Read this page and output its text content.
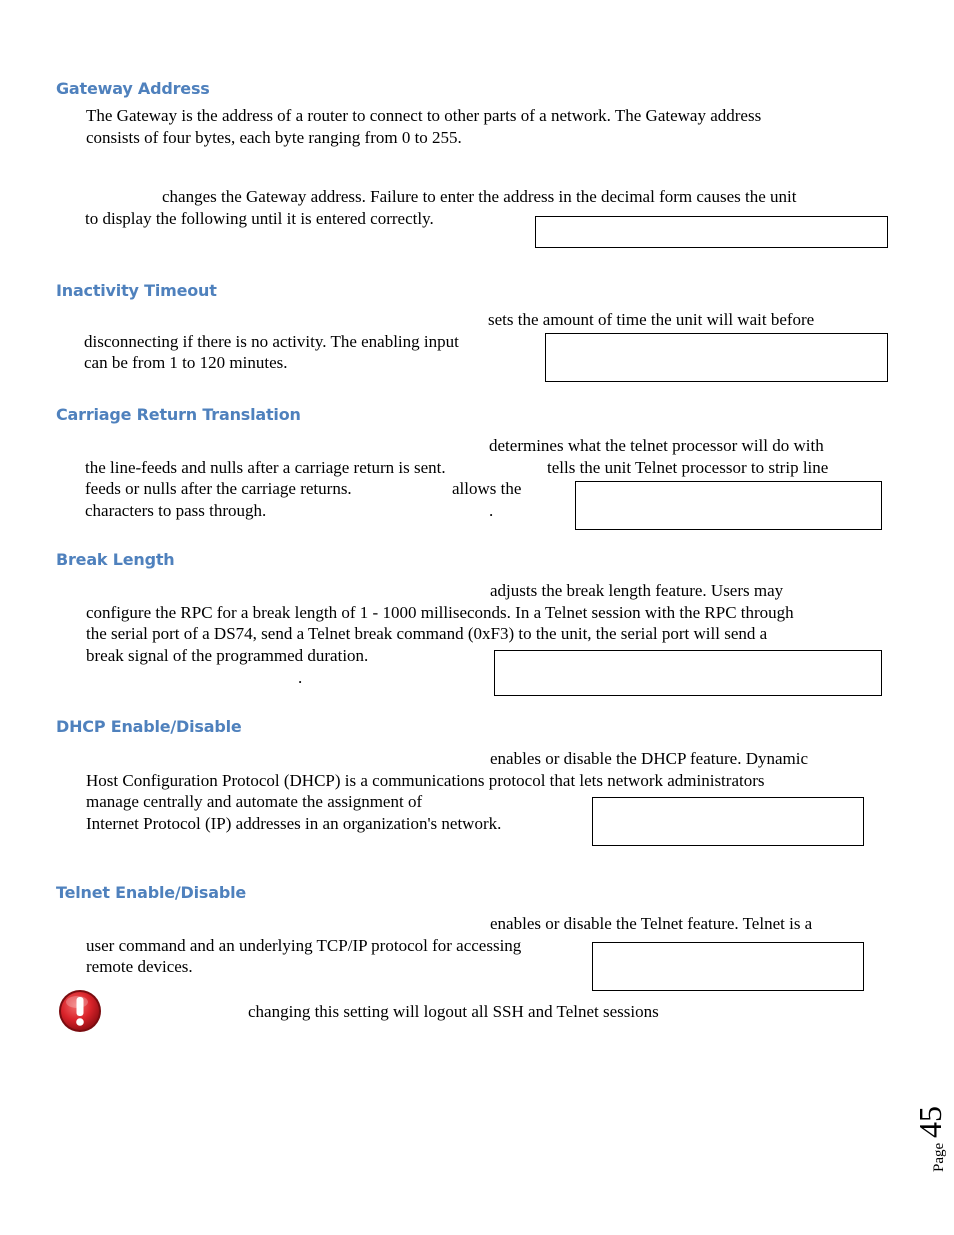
Gateway Address
The Gateway is the address of a router to connect to other parts of a network. The Gateway address
consists of four bytes, each byte ranging from 0 to 255.
changes the Gateway address. Failure to enter the address in the decimal form causes the unit
to display the following until it is entered correctly.
Inactivity Timeout
sets the amount of time the unit will wait before
disconnecting if there is no activity. The enabling input
can be from 1 to 120 minutes.
Carriage Return Translation
determines what the telnet processor will do with
the line-feeds and nulls after a carriage return is sent.	tells the unit Telnet processor to strip line
feeds or nulls after the carriage returns.	allows the
characters to pass through.	.
Break Length
adjusts the break length feature. Users may
configure the RPC for a break length of 1 - 1000 milliseconds. In a Telnet session with the RPC through
the serial port of a DS74, send a Telnet break command (0xF3) to the unit, the serial port will send a
break signal of the programmed duration.
.
DHCP Enable/Disable
enables or disable the DHCP feature. Dynamic
Host Configuration Protocol (DHCP) is a communications protocol that lets network administrators
manage centrally and automate the assignment of
Internet Protocol (IP) addresses in an organization's network.
Telnet Enable/Disable
enables or disable the Telnet feature. Telnet is a
user command and an underlying TCP/IP protocol for accessing
remote devices.
changing this setting will logout all SSH and Telnet sessions
Page
45
